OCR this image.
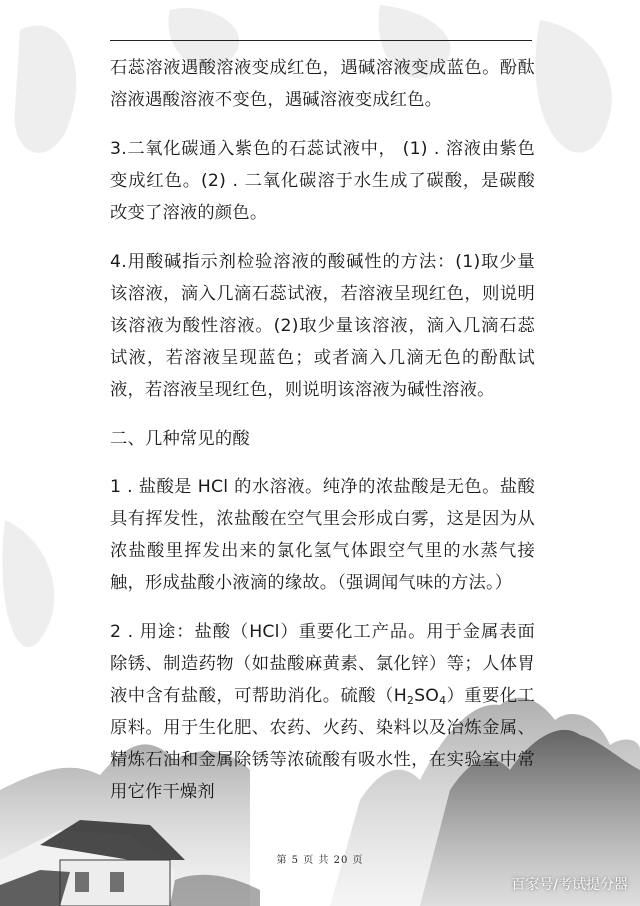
石蕊溶液遇酸溶液变成红色，遇碱溶液变成蓝色。酚酞溶液遇酸溶液不变色，遇碱溶液变成红色。

3.二氧化碳通入紫色的石蕊试液中， (1) . 溶液由紫色变成红色。(2) . 二氧化碳溶于水生成了碳酸，是碳酸改变了溶液的颜色。

4.用酸碱指示剂检验溶液的酸碱性的方法：(1)取少量该溶液，滴入几滴石蕊试液，若溶液呈现红色，则说明该溶液为酸性溶液。(2)取少量该溶液，滴入几滴石蕊试液，若溶液呈现蓝色；或者滴入几滴无色的酚酞试液，若溶液呈现红色，则说明该溶液为碱性溶液。

二、几种常见的酸

1 . 盐酸是 HCl 的水溶液。纯净的浓盐酸是无色。盐酸具有挥发性，浓盐酸在空气里会形成白雾，这是因为从浓盐酸里挥发出来的氯化氢气体跟空气里的水蒸气接触，形成盐酸小液滴的缘故。（强调闻气味的方法。）

2 . 用途：盐酸（HCl）重要化工产品。用于金属表面除锈、制造药物（如盐酸麻黄素、氯化锌）等；人体胃液中含有盐酸，可帮助消化。硫酸$(H_2SO_4)$重要化工原料。用于生化肥、农药、火药、染料以及冶炼金属、精炼石油和金属除锈等浓硫酸有吸水性，在实验室中常用它作干燥剂

第 5 页 共 20 页
百家号/考试提分器
